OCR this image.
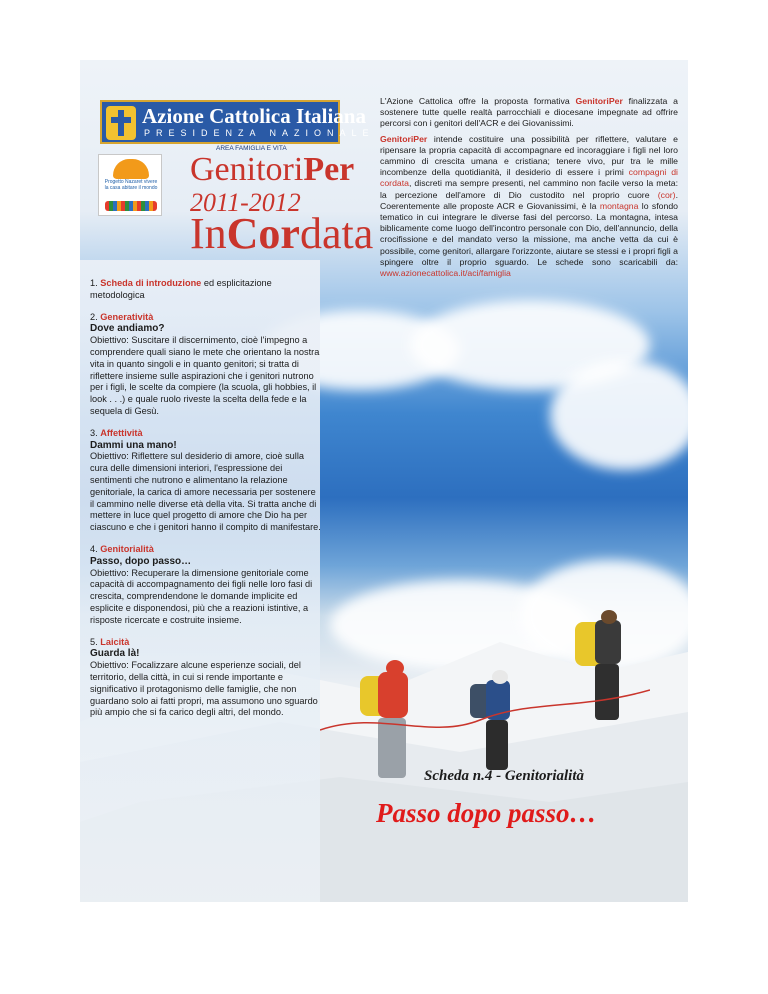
Azione Cattolica Italiana
PRESIDENZA NAZIONALE
AREA FAMIGLIA E VITA
Progetto Nazaret vivere la casa abitare il mondo GenitoriPer
2011-2012
InCordata

L'Azione Cattolica offre la proposta formativa GenitoriPer finalizzata a sostenere tutte quelle realtà parrocchiali e diocesane impegnate ad offrire percorsi con i genitori dell'ACR e dei Giovanissimi.

GenitoriPer intende costituire una possibilità per riflettere, valutare e ripensare la propria capacità di accompagnare ed incoraggiare i figli nel loro cammino di crescita umana e cristiana; tenere vivo, pur tra le mille incombenze della quotidianità, il desiderio di essere i primi compagni di cordata, discreti ma sempre presenti, nel cammino non facile verso la meta: la percezione dell'amore di Dio custodito nel proprio cuore (cor). Coerentemente alle proposte ACR e Giovanissimi, è la montagna lo sfondo tematico in cui integrare le diverse fasi del percorso. La montagna, intesa biblicamente come luogo dell'incontro personale con Dio, dell'annuncio, della crocifissione e del mandato verso la missione, ma anche vetta da cui è possibile, come genitori, allargare l'orizzonte, aiutare se stessi e i propri figli a spingere oltre il proprio sguardo. Le schede sono scaricabili da: www.azionecattolica.it/aci/famiglia

1. Scheda di introduzione ed esplicitazione metodologica
2. Generatività
Dove andiamo?
Obiettivo: Suscitare il discernimento, cioè l'impegno a comprendere quali siano le mete che orientano la nostra vita in quanto singoli e in quanto genitori; si tratta di riflettere insieme sulle aspirazioni che i genitori nutrono per i figli, le scelte da compiere (la scuola, gli hobbies, il look . . .) e quale ruolo riveste la scelta della fede e la sequela di Gesù.
3. Affettività
Dammi una mano!
Obiettivo: Riflettere sul desiderio di amore, cioè sulla cura delle dimensioni interiori, l'espressione dei sentimenti che nutrono e alimentano la relazione genitoriale, la carica di amore necessaria per sostenere il cammino nelle diverse età della vita. Si tratta anche di mettere in luce quel progetto di amore che Dio ha per ciascuno e che i genitori hanno il compito di manifestare.
4. Genitorialità
Passo, dopo passo…
Obiettivo: Recuperare la dimensione genitoriale come capacità di accompagnamento dei figli nelle loro fasi di crescita, comprendendone le domande implicite ed esplicite e disponendosi, più che a reazioni istintive, a risposte ricercate e costruite insieme.
5. Laicità
Guarda là!
Obiettivo: Focalizzare alcune esperienze sociali, del territorio, della città, in cui si rende importante e significativo il protagonismo delle famiglie, che non guardano solo ai fatti propri, ma assumono uno sguardo più ampio che si fa carico degli altri, del mondo.
Scheda n.4 - Genitorialità
Passo dopo passo…
